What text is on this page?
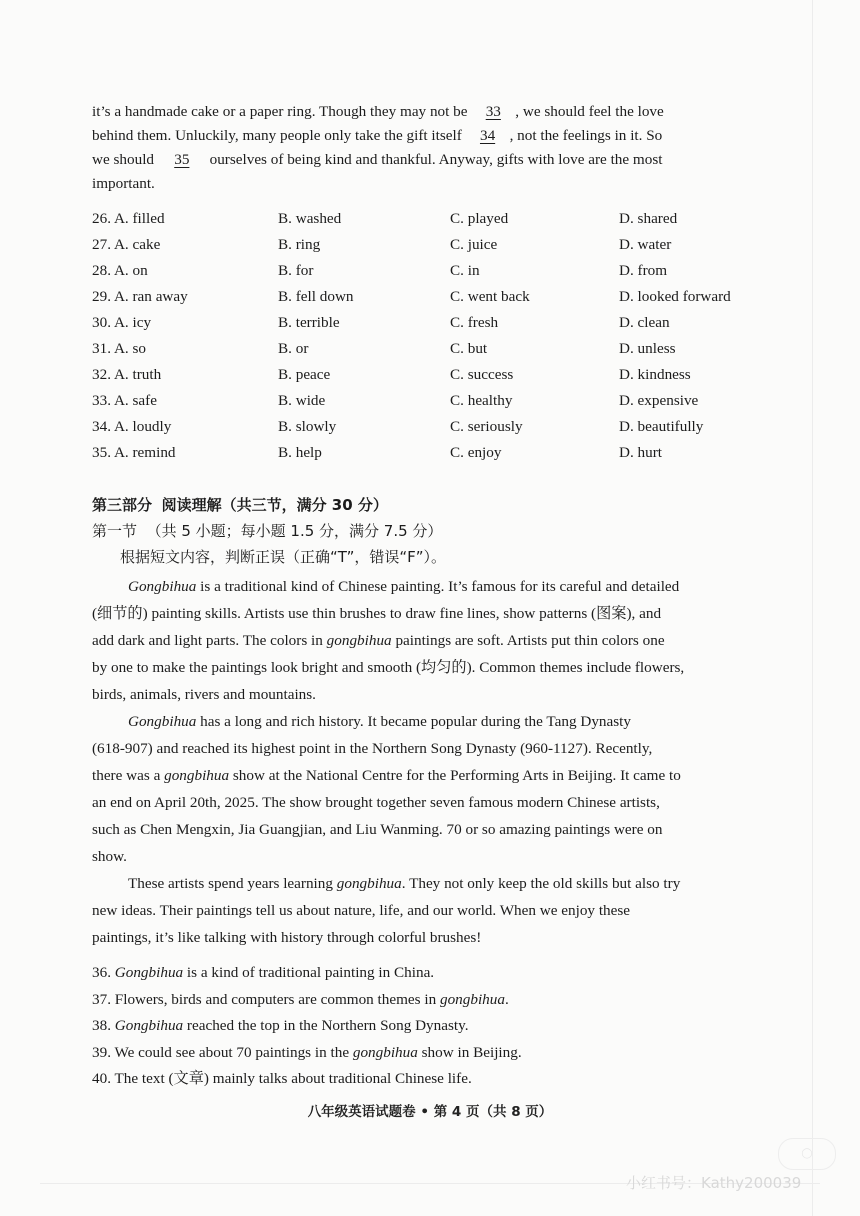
it’s a handmade cake or a paper ring. Though they may not be 33 , we should feel the love
behind them. Unluckily, many people only take the gift itself 34 , not the feelings in it. So
we should 35 ourselves of being kind and thankful. Anyway, gifts with love are the most
important.
26. A. filled	B. washed	C. played	D. shared
27. A. cake	B. ring	C. juice	D. water
28. A. on	B. for	C. in	D. from
29. A. ran away	B. fell down	C. went back	D. looked forward
30. A. icy	B. terrible	C. fresh	D. clean
31. A. so	B. or	C. but	D. unless
32. A. truth	B. peace	C. success	D. kindness
33. A. safe	B. wide	C. healthy	D. expensive
34. A. loudly	B. slowly	C. seriously	D. beautifully
35. A. remind	B. help	C. enjoy	D. hurt
第三部分 阅读理解（共三节，满分 30 分）
第一节 （共 5 小题；每小题 1.5 分，满分 7.5 分）
根据短文内容，判断正误（正确“T”，错误“F”）。
Gongbihua is a traditional kind of Chinese painting. It’s famous for its careful and detailed
(细节的) painting skills. Artists use thin brushes to draw fine lines, show patterns (图案), and
add dark and light parts. The colors in gongbihua paintings are soft. Artists put thin colors one
by one to make the paintings look bright and smooth (均匀的). Common themes include flowers,
birds, animals, rivers and mountains.
Gongbihua has a long and rich history. It became popular during the Tang Dynasty
(618-907) and reached its highest point in the Northern Song Dynasty (960-1127). Recently,
there was a gongbihua show at the National Centre for the Performing Arts in Beijing. It came to
an end on April 20th, 2025. The show brought together seven famous modern Chinese artists,
such as Chen Mengxin, Jia Guangjian, and Liu Wanming. 70 or so amazing paintings were on
show.
These artists spend years learning gongbihua. They not only keep the old skills but also try
new ideas. Their paintings tell us about nature, life, and our world. When we enjoy these
paintings, it’s like talking with history through colorful brushes!
36. Gongbihua is a kind of traditional painting in China.
37. Flowers, birds and computers are common themes in gongbihua.
38. Gongbihua reached the top in the Northern Song Dynasty.
39. We could see about 70 paintings in the gongbihua show in Beijing.
40. The text (文章) mainly talks about traditional Chinese life.
八年级英语试题卷 • 第 4 页（共 8 页）
◯
小红书号：Kathy200039
